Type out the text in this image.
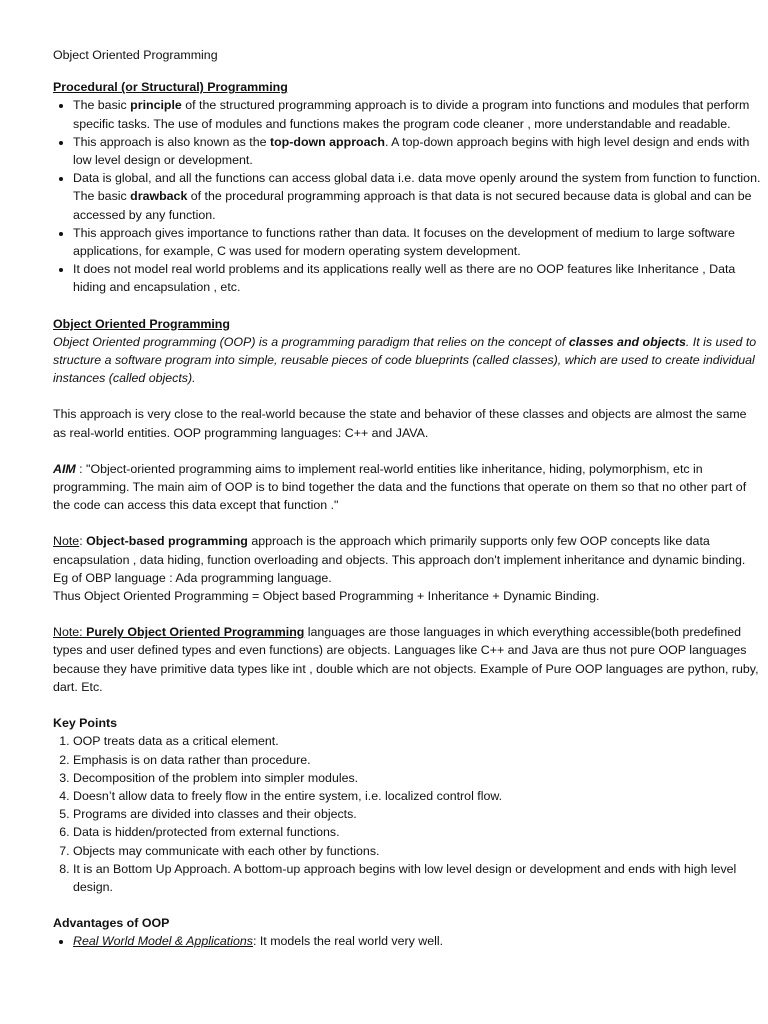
Object Oriented Programming

Procedural (or Structural) Programming

• The basic principle of the structured programming approach is to divide a program into functions and modules that perform specific tasks. The use of modules and functions makes the program code cleaner , more understandable and readable.
• This approach is also known as the top-down approach. A top-down approach begins with high level design and ends with low level design or development.
• Data is global, and all the functions can access global data i.e. data move openly around the system from function to function. The basic drawback of the procedural programming approach is that data is not secured because data is global and can be accessed by any function.
• This approach gives importance to functions rather than data. It focuses on the development of medium to large software applications, for example, C was used for modern operating system development.
• It does not model real world problems and its applications really well as there are no OOP features like Inheritance , Data hiding and encapsulation , etc.

Object Oriented Programming

Object Oriented programming (OOP) is a programming paradigm that relies on the concept of classes and objects. It is used to structure a software program into simple, reusable pieces of code blueprints (called classes), which are used to create individual instances (called objects).

This approach is very close to the real-world because the state and behavior of these classes and objects are almost the same as real-world entities. OOP programming languages: C++ and JAVA.

AIM : "Object-oriented programming aims to implement real-world entities like inheritance, hiding, polymorphism, etc in programming. The main aim of OOP is to bind together the data and the functions that operate on them so that no other part of the code can access this data except that function ."

Note: Object-based programming approach is the approach which primarily supports only few OOP concepts like data encapsulation , data hiding, function overloading and objects. This approach don't implement inheritance and dynamic binding. Eg of OBP language : Ada programming language.

Thus Object Oriented Programming = Object based Programming + Inheritance + Dynamic Binding.

Note: Purely Object Oriented Programming languages are those languages in which everything accessible(both predefined types and user defined types and even functions) are objects. Languages like C++ and Java are thus not pure OOP languages because they have primitive data types like int , double which are not objects. Example of Pure OOP languages are python, ruby, dart. Etc.

Key Points

1. OOP treats data as a critical element.
2. Emphasis is on data rather than procedure.
3. Decomposition of the problem into simpler modules.
4. Doesn’t allow data to freely flow in the entire system, i.e. localized control flow.
5. Programs are divided into classes and their objects.
6. Data is hidden/protected from external functions.
7. Objects may communicate with each other by functions.
8. It is an Bottom Up Approach. A bottom-up approach begins with low level design or development and ends with high level design.

Advantages of OOP

• Real World Model & Applications: It models the real world very well.
